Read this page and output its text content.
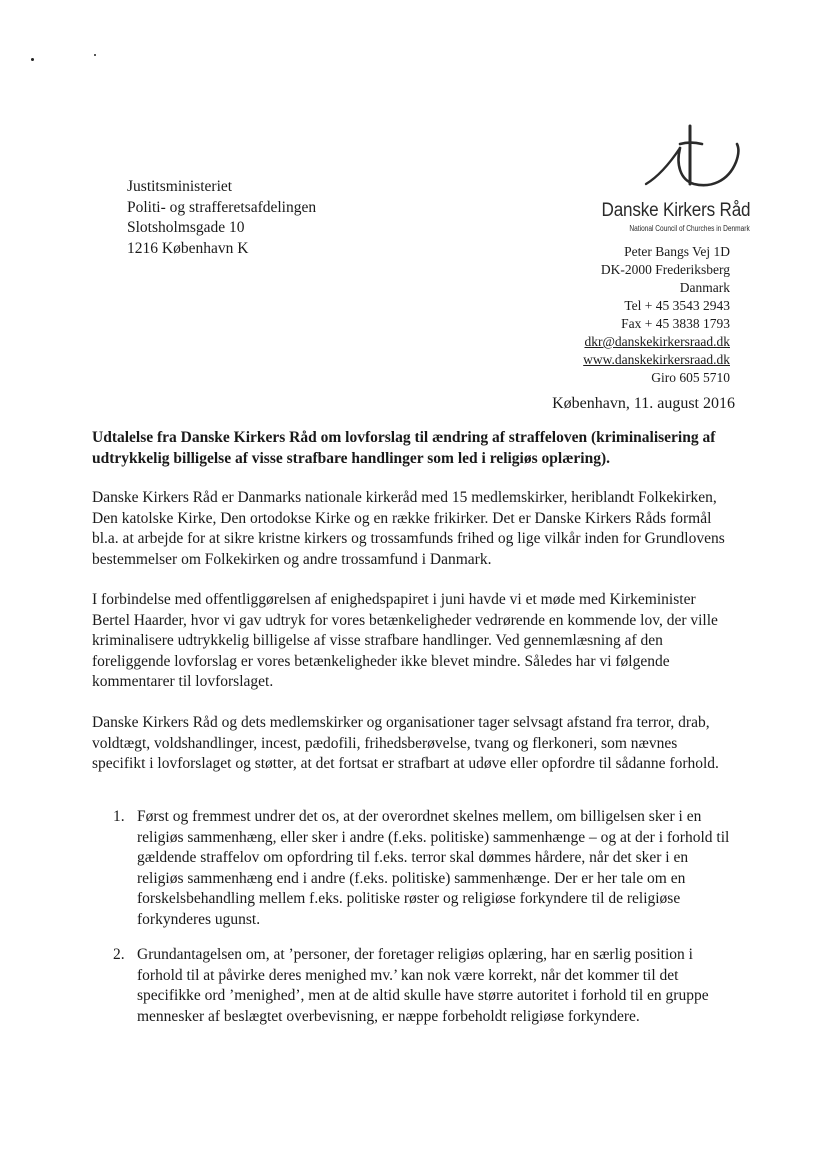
Justitsministeriet
Politi- og strafferetsafdelingen
Slotsholmsgade 10
1216 København K
Danske Kirkers Råd
National Council of Churches in Denmark
Peter Bangs Vej 1D
DK-2000 Frederiksberg
Danmark
Tel + 45 3543 2943
Fax + 45 3838 1793
dkr@danskekirkersraad.dk
www.danskekirkersraad.dk
Giro 605 5710
København, 11. august 2016
Udtalelse fra Danske Kirkers Råd om lovforslag til ændring af straffeloven (kriminalisering af udtrykkelig billigelse af visse strafbare handlinger som led i religiøs oplæring).
Danske Kirkers Råd er Danmarks nationale kirkeråd med 15 medlemskirker, heriblandt Folkekirken, Den katolske Kirke, Den ortodokse Kirke og en række frikirker. Det er Danske Kirkers Råds formål bl.a. at arbejde for at sikre kristne kirkers og trossamfunds frihed og lige vilkår inden for Grundlovens bestemmelser om Folkekirken og andre trossamfund i Danmark.
I forbindelse med offentliggørelsen af enighedspapiret i juni havde vi et møde med Kirkeminister Bertel Haarder, hvor vi gav udtryk for vores betænkeligheder vedrørende en kommende lov, der ville kriminalisere udtrykkelig billigelse af visse strafbare handlinger. Ved gennemlæsning af den foreliggende lovforslag er vores betænkeligheder ikke blevet mindre. Således har vi følgende kommentarer til lovforslaget.
Danske Kirkers Råd og dets medlemskirker og organisationer tager selvsagt afstand fra terror, drab, voldtægt, voldshandlinger, incest, pædofili, frihedsberøvelse, tvang og flerkoneri, som nævnes specifikt i lovforslaget og støtter, at det fortsat er strafbart at udøve eller opfordre til sådanne forhold.
1. Først og fremmest undrer det os, at der overordnet skelnes mellem, om billigelsen sker i en religiøs sammenhæng, eller sker i andre (f.eks. politiske) sammenhænge – og at der i forhold til gældende straffelov om opfordring til f.eks. terror skal dømmes hårdere, når det sker i en religiøs sammenhæng end i andre (f.eks. politiske) sammenhænge. Der er her tale om en forskelsbehandling mellem f.eks. politiske røster og religiøse forkyndere til de religiøse forkynderes ugunst.
2. Grundantagelsen om, at ’personer, der foretager religiøs oplæring, har en særlig position i forhold til at påvirke deres menighed mv.’ kan nok være korrekt, når det kommer til det specifikke ord ’menighed’, men at de altid skulle have større autoritet i forhold til en gruppe mennesker af beslægtet overbevisning, er næppe forbeholdt religiøse forkyndere.
